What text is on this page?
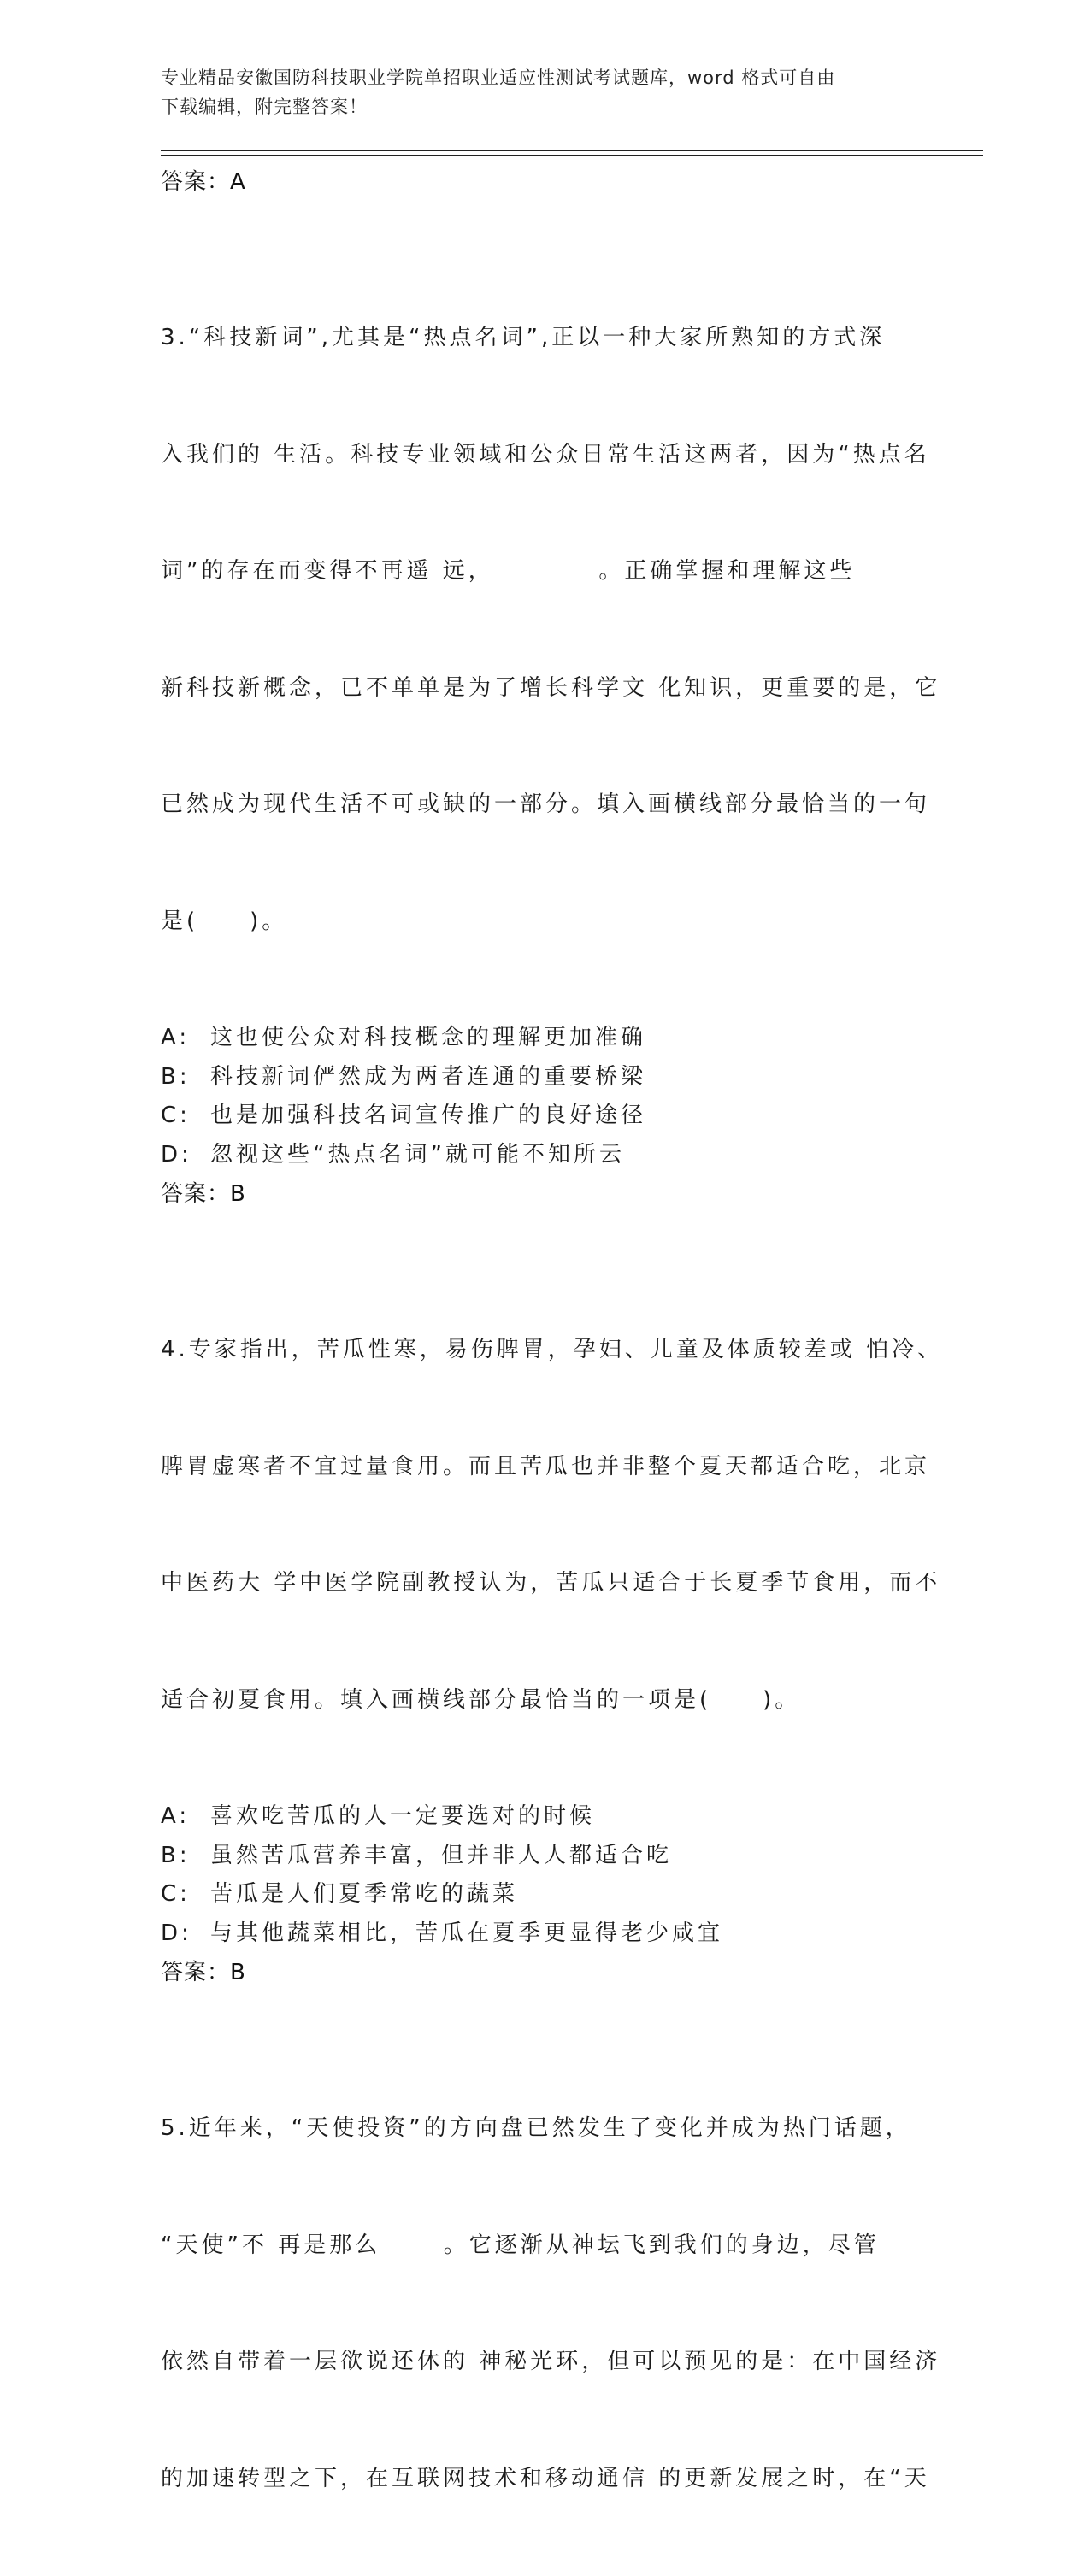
专业精品安徽国防科技职业学院单招职业适应性测试考试题库，word 格式可自由
下载编辑，附完整答案！
答案：A

3.“科技新词”,尤其是“热点名词”,正以一种大家所熟知的方式深

入我们的 生活。科技专业领域和公众日常生活这两者，因为“热点名

词”的存在而变得不再遥 远，          。正确掌握和理解这些

新科技新概念，已不单单是为了增长科学文 化知识，更重要的是，它

已然成为现代生活不可或缺的一部分。填入画横线部分最恰当的一句

是(　　)。

A: 这也使公众对科技概念的理解更加准确
B: 科技新词俨然成为两者连通的重要桥梁
C: 也是加强科技名词宣传推广的良好途径
D: 忽视这些“热点名词”就可能不知所云
答案：B

4.专家指出，苦瓜性寒，易伤脾胃，孕妇、儿童及体质较差或 怕冷、

脾胃虚寒者不宜过量食用。而且苦瓜也并非整个夏天都适合吃，北京

中医药大 学中医学院副教授认为，苦瓜只适合于长夏季节食用，而不

适合初夏食用。填入画横线部分最恰当的一项是(　　)。

A: 喜欢吃苦瓜的人一定要选对的时候
B: 虽然苦瓜营养丰富，但并非人人都适合吃
C: 苦瓜是人们夏季常吃的蔬菜
D: 与其他蔬菜相比，苦瓜在夏季更显得老少咸宜
答案：B

5.近年来，“天使投资”的方向盘已然发生了变化并成为热门话题，

“天使”不 再是那么      。它逐渐从神坛飞到我们的身边，尽管

依然自带着一层欲说还休的 神秘光环，但可以预见的是：在中国经济

的加速转型之下，在互联网技术和移动通信 的更新发展之时，在“天
